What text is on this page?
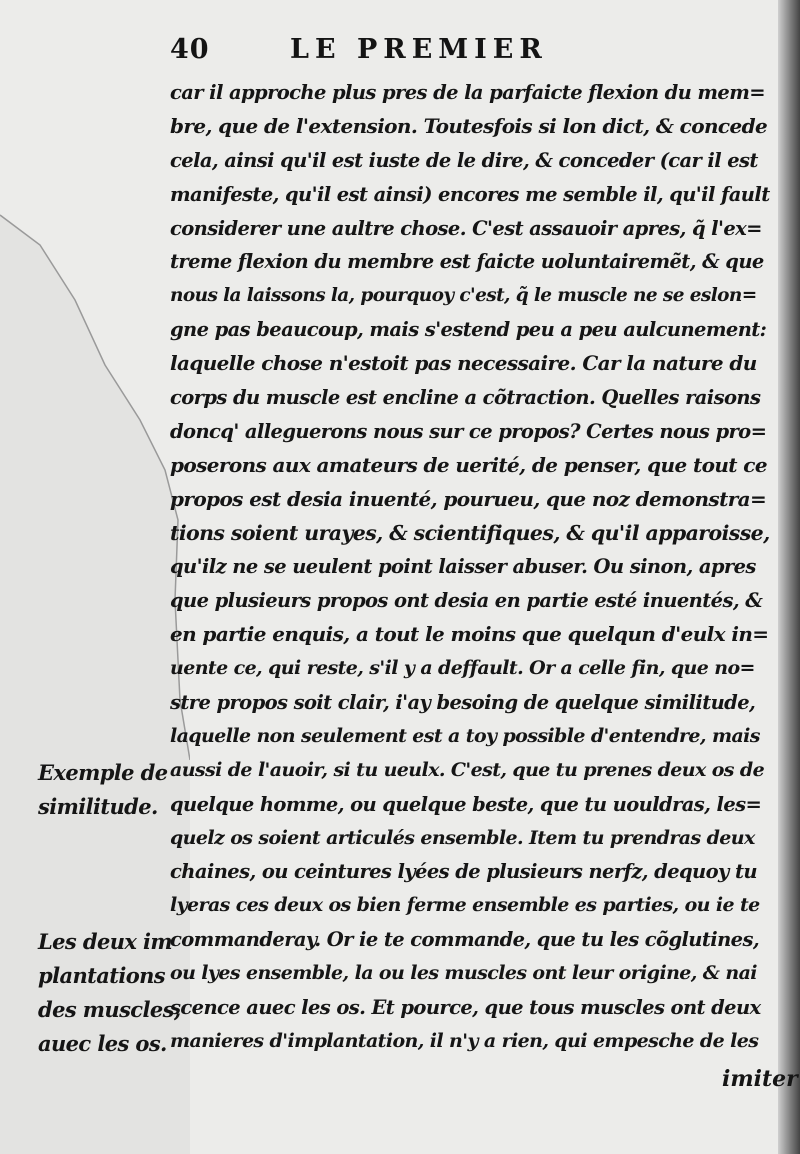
40	LE PREMIER
car il approche plus pres de la parfaicte flexion du mem=
bre, que de l'extension. Toutesfois si lon dict, & concede
cela, ainsi qu'il est iuste de le dire, & conceder (car il est
manifeste, qu'il est ainsi) encores me semble il, qu'il fault
considerer une aultre chose. C'est assauoir apres, q̃ l'ex=
treme flexion du membre est faicte uoluntairemẽt, & que
nous la laissons la, pourquoy c'est, q̃ le muscle ne se eslon=
gne pas beaucoup, mais s'estend peu a peu aulcunement:
laquelle chose n'estoit pas necessaire. Car la nature du
corps du muscle est encline a cõtraction. Quelles raisons
doncq' alleguerons nous sur ce propos? Certes nous pro=
poserons aux amateurs de uerité, de penser, que tout ce
propos est desia inuenté, pourueu, que noz demonstra=
tions soient urayes, & scientifiques, & qu'il apparoisse,
qu'ilz ne se ueulent point laisser abuser. Ou sinon, apres
que plusieurs propos ont desia en partie esté inuentés, &
en partie enquis, a tout le moins que quelqun d'eulx in=
uente ce, qui reste, s'il y a deffault. Or a celle fin, que no=
stre propos soit clair, i'ay besoing de quelque similitude,
laquelle non seulement est a toy possible d'entendre, mais
aussi de l'auoir, si tu ueulx. C'est, que tu prenes deux os de
quelque homme, ou quelque beste, que tu uouldras, les=
quelz os soient articulés ensemble. Item tu prendras deux
chaines, ou ceintures lyées de plusieurs nerfz, dequoy tu
lyeras ces deux os bien ferme ensemble es parties, ou ie te
commanderay. Or ie te commande, que tu les cõglutines,
ou lyes ensemble, la ou les muscles ont leur origine, & nai
scence auec les os. Et pource, que tous muscles ont deux
manieres d'implantation, il n'y a rien, qui empesche de les
Exemple de
similitude.
Les deux im
plantations
des muscles,
auec les os.
imiter
